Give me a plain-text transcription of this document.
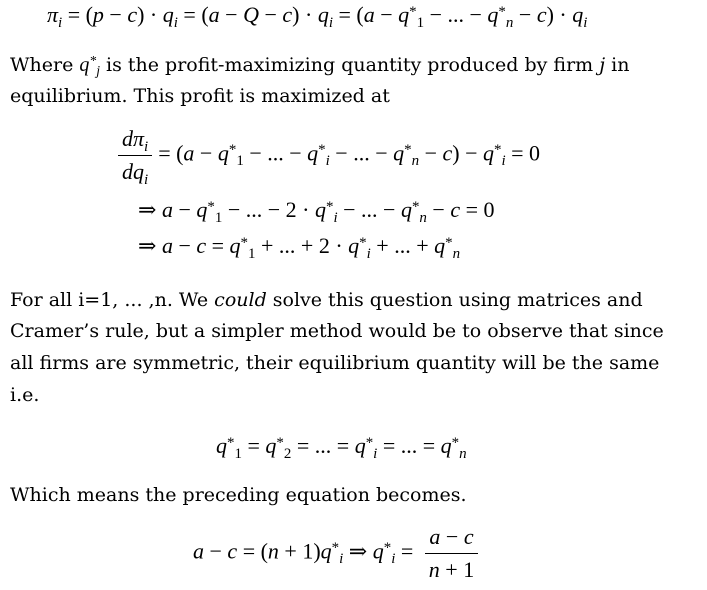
$\pi_i = (p - c) \cdot q_i = (a - Q - c) \cdot q_i = (a - q^*_1$ − ... − $q^*_n - c) \cdot q_i$
Where $q^*_j$ is the profit-maximizing quantity produced by firm j in
equilibrium. This profit is maximized at
$\frac{d\pi_i}{dq_i} = (a - q^*_1$ − ... − $q^*_i$ − ... − $q^*_n - c) - q^*_i = 0$
⇒ $a - q^*_1$ − ... − $2 \cdot q^*_i$ − ... − $q^*_n - c = 0$
⇒ $a - c = q^*_1$ + ... + $2 \cdot q^*_i$ + ... + $q^*_n$
For all i=1, ... ,n. We could solve this question using matrices and
Cramer’s rule, but a simpler method would be to observe that since
all firms are symmetric, their equilibrium quantity will be the same
i.e.
$q^*_1 = q^*_2$ = ... = $q^*_i$ = ... = $q^*_n$
Which means the preceding equation becomes.
$a - c = (n + 1)q^*_i$ ⇒ $q^*_i = \frac{a - c}{n + 1}$
